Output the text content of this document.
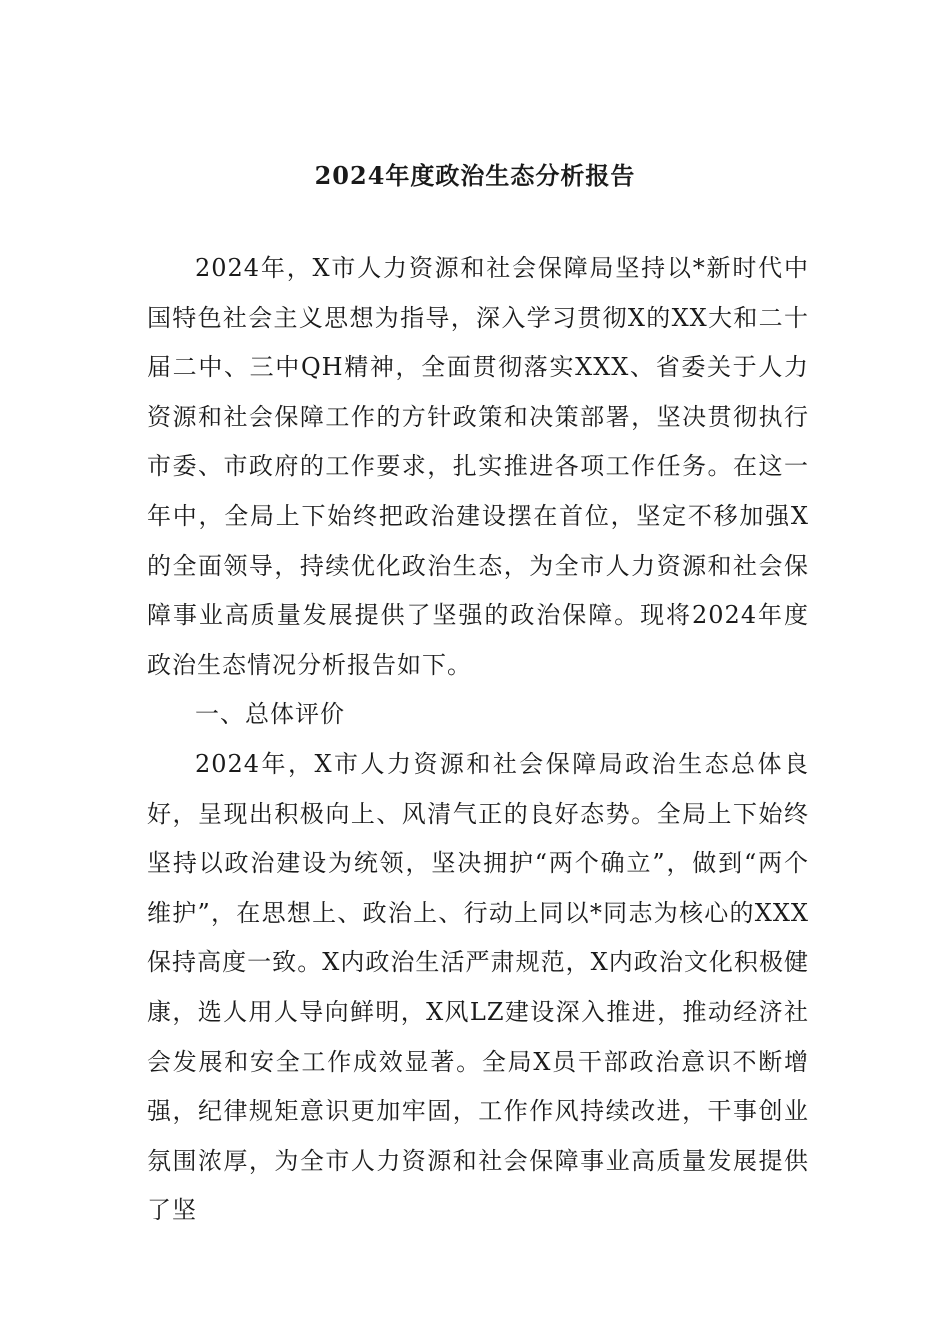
2024年度政治生态分析报告

2024年，X市人力资源和社会保障局坚持以*新时代中国特色社会主义思想为指导，深入学习贯彻X的XX大和二十届二中、三中QH精神，全面贯彻落实XXX、省委关于人力资源和社会保障工作的方针政策和决策部署，坚决贯彻执行市委、市政府的工作要求，扎实推进各项工作任务。在这一年中，全局上下始终把政治建设摆在首位，坚定不移加强X的全面领导，持续优化政治生态，为全市人力资源和社会保障事业高质量发展提供了坚强的政治保障。现将2024年度政治生态情况分析报告如下。

一、总体评价

2024年，X市人力资源和社会保障局政治生态总体良好，呈现出积极向上、风清气正的良好态势。全局上下始终坚持以政治建设为统领，坚决拥护“两个确立”，做到“两个维护”，在思想上、政治上、行动上同以*同志为核心的XXX保持高度一致。X内政治生活严肃规范，X内政治文化积极健康，选人用人导向鲜明，X风LZ建设深入推进，推动经济社会发展和安全工作成效显著。全局X员干部政治意识不断增强，纪律规矩意识更加牢固，工作作风持续改进，干事创业氛围浓厚，为全市人力资源和社会保障事业高质量发展提供了坚
